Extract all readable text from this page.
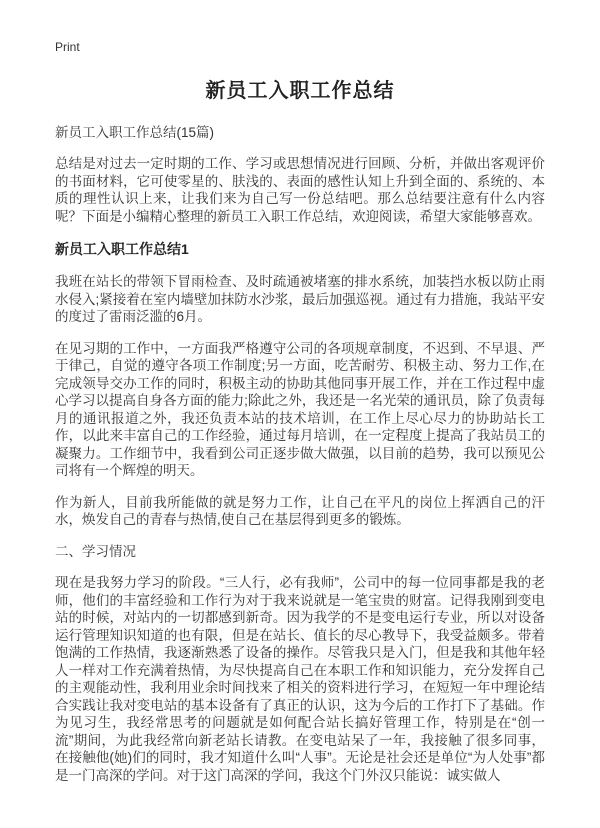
Print
新员工入职工作总结
新员工入职工作总结(15篇)

总结是对过去一定时期的工作、学习或思想情况进行回顾、分析，并做出客观评价的书面材料，它可使零星的、肤浅的、表面的感性认知上升到全面的、系统的、本质的理性认识上来，让我们来为自己写一份总结吧。那么总结要注意有什么内容呢？下面是小编精心整理的新员工入职工作总结，欢迎阅读，希望大家能够喜欢。

新员工入职工作总结1

我班在站长的带领下冒雨检查、及时疏通被堵塞的排水系统，加装挡水板以防止雨水侵入;紧接着在室内墙壁加抹防水沙浆，最后加强巡视。通过有力措施，我站平安的度过了雷雨泛滥的6月。

在见习期的工作中，一方面我严格遵守公司的各项规章制度，不迟到、不早退、严于律己，自觉的遵守各项工作制度;另一方面，吃苦耐劳、积极主动、努力工作,在完成领导交办工作的同时，积极主动的协助其他同事开展工作，并在工作过程中虚心学习以提高自身各方面的能力;除此之外，我还是一名光荣的通讯员，除了负责每月的通讯报道之外，我还负责本站的技术培训，在工作上尽心尽力的协助站长工作，以此来丰富自己的工作经验，通过每月培训，在一定程度上提高了我站员工的凝聚力。工作细节中，我看到公司正逐步做大做强，以目前的趋势，我可以预见公司将有一个辉煌的明天。

作为新人，目前我所能做的就是努力工作，让自己在平凡的岗位上挥洒自己的汗水，焕发自己的青春与热情,使自己在基层得到更多的锻炼。

二、学习情况

现在是我努力学习的阶段。“三人行，必有我师”，公司中的每一位同事都是我的老师，他们的丰富经验和工作行为对于我来说就是一笔宝贵的财富。记得我刚到变电站的时候，对站内的一切都感到新奇。因为我学的不是变电运行专业，所以对设备运行管理知识知道的也有限，但是在站长、值长的尽心教导下，我受益颇多。带着饱满的工作热情，我逐渐熟悉了设备的操作。尽管我只是入门，但是我和其他年轻人一样对工作充满着热情，为尽快提高自己在本职工作和知识能力，充分发挥自己的主观能动性，我利用业余时间找来了相关的资料进行学习，在短短一年中理论结合实践让我对变电站的基本设备有了真正的认识，这为今后的工作打下了基础。作为见习生，我经常思考的问题就是如何配合站长搞好管理工作，特别是在“创一流”期间，为此我经常向新老站长请教。在变电站呆了一年，我接触了很多同事，在接触他(她)们的同时，我才知道什么叫“人事”。无论是社会还是单位“为人处事”都是一门高深的学问。对于这门高深的学问，我这个门外汉只能说：诚实做人
